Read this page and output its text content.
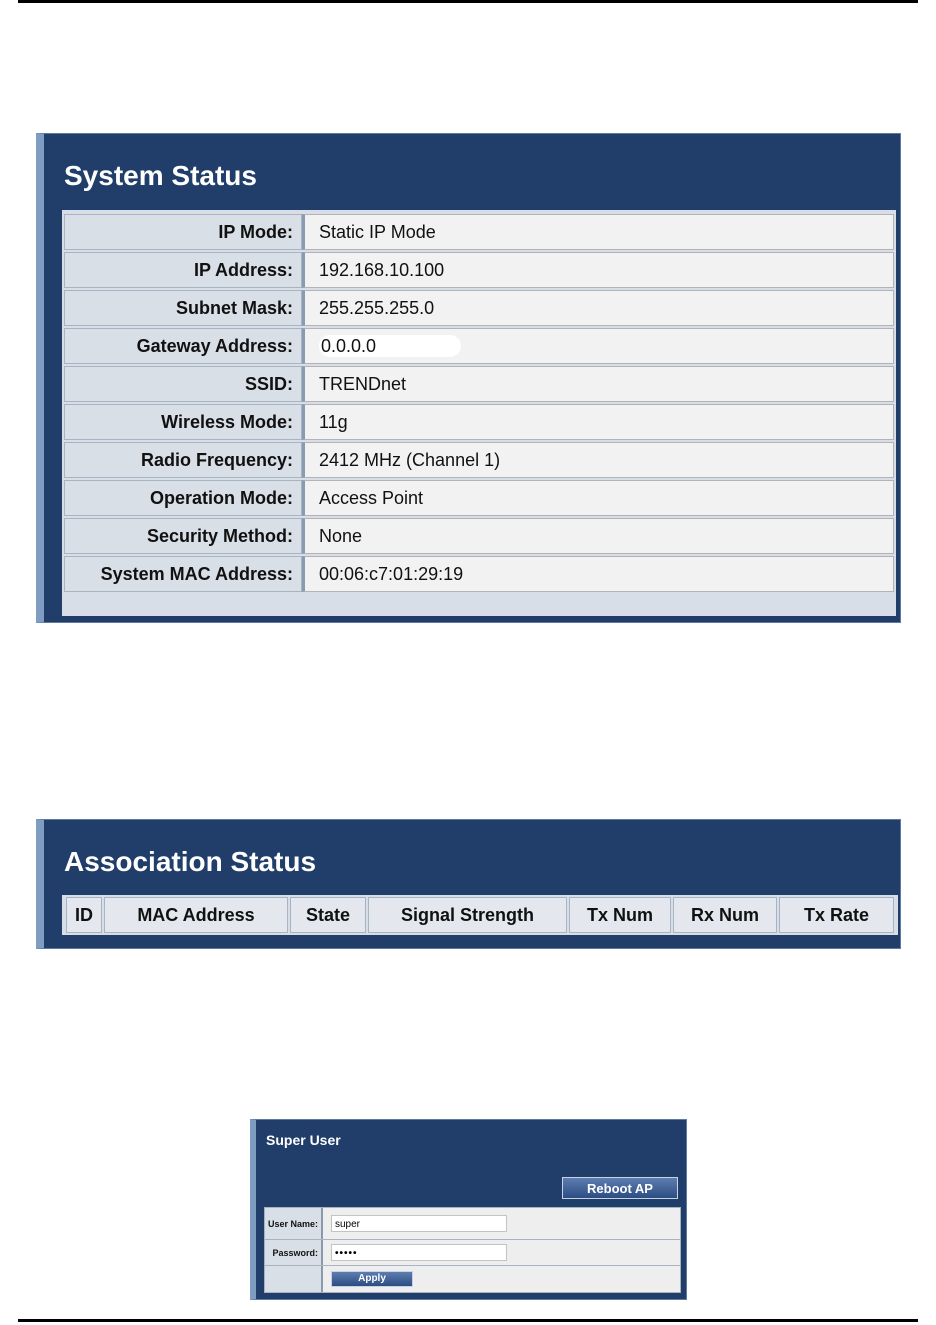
System Status
IP Mode:	Static IP Mode
IP Address:	192.168.10.100
Subnet Mask:	255.255.255.0
Gateway Address:	0.0.0.0
SSID:	TRENDnet
Wireless Mode:	11g
Radio Frequency:	2412 MHz (Channel 1)
Operation Mode:	Access Point
Security Method:	None
System MAC Address:	00:06:c7:01:29:19
Association Status
ID	MAC Address	State	Signal Strength	Tx Num	Rx Num	Tx Rate
Super User
Reboot AP
User Name:	super
Password:	•••••
Apply
